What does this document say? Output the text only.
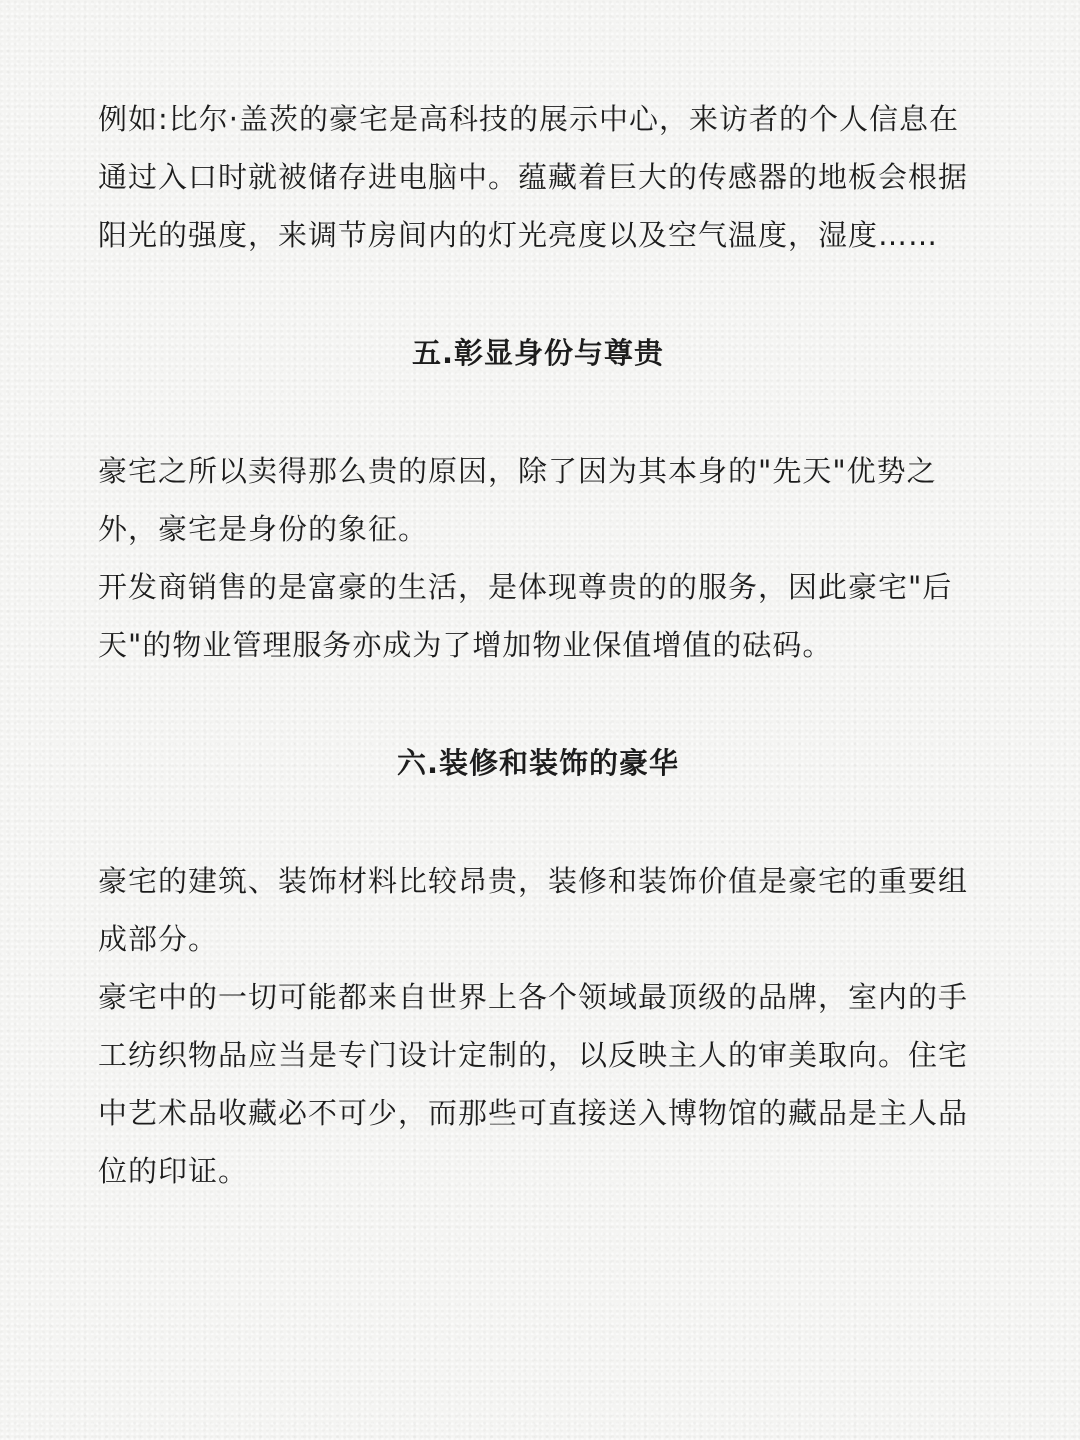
例如:比尔·盖茨的豪宅是高科技的展示中心，来访者的个人信息在通过入口时就被储存进电脑中。蕴藏着巨大的传感器的地板会根据阳光的强度，来调节房间内的灯光亮度以及空气温度，湿度……

五.彰显身份与尊贵

豪宅之所以卖得那么贵的原因，除了因为其本身的"先天"优势之外，豪宅是身份的象征。

开发商销售的是富豪的生活，是体现尊贵的的服务，因此豪宅"后天"的物业管理服务亦成为了增加物业保值增值的砝码。

六.装修和装饰的豪华

豪宅的建筑、装饰材料比较昂贵，装修和装饰价值是豪宅的重要组成部分。

豪宅中的一切可能都来自世界上各个领域最顶级的品牌，室内的手工纺织物品应当是专门设计定制的，以反映主人的审美取向。住宅中艺术品收藏必不可少，而那些可直接送入博物馆的藏品是主人品位的印证。
